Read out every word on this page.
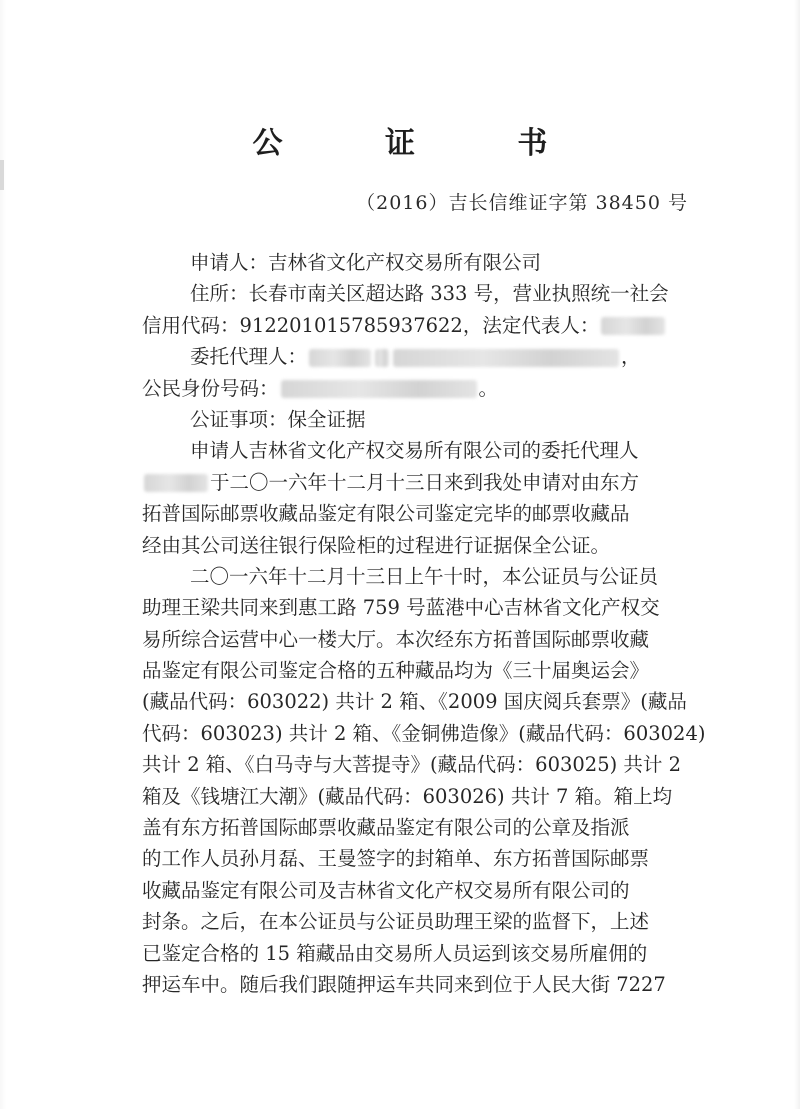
公 证 书
（2016）吉长信维证字第 38450 号
申请人：吉林省文化产权交易所有限公司
住所：长春市南关区超达路 333 号，营业执照统一社会
信用代码：912201015785937622，法定代表人：
委托代理人：	，
公民身份号码：	。
公证事项：保全证据
申请人吉林省文化产权交易所有限公司的委托代理人
于二〇一六年十二月十三日来到我处申请对由东方
拓普国际邮票收藏品鉴定有限公司鉴定完毕的邮票收藏品
经由其公司送往银行保险柜的过程进行证据保全公证。
二〇一六年十二月十三日上午十时，本公证员与公证员
助理王梁共同来到惠工路 759 号蓝港中心吉林省文化产权交
易所综合运营中心一楼大厅。本次经东方拓普国际邮票收藏
品鉴定有限公司鉴定合格的五种藏品均为《三十届奥运会》
(藏品代码：603022) 共计 2 箱、《2009 国庆阅兵套票》(藏品
代码：603023) 共计 2 箱、《金铜佛造像》(藏品代码：603024)
共计 2 箱、《白马寺与大菩提寺》(藏品代码：603025) 共计 2
箱及《钱塘江大潮》(藏品代码：603026) 共计 7 箱。箱上均
盖有东方拓普国际邮票收藏品鉴定有限公司的公章及指派
的工作人员孙月磊、王曼签字的封箱单、东方拓普国际邮票
收藏品鉴定有限公司及吉林省文化产权交易所有限公司的
封条。之后，在本公证员与公证员助理王梁的监督下，上述
已鉴定合格的 15 箱藏品由交易所人员运到该交易所雇佣的
押运车中。随后我们跟随押运车共同来到位于人民大街 7227
